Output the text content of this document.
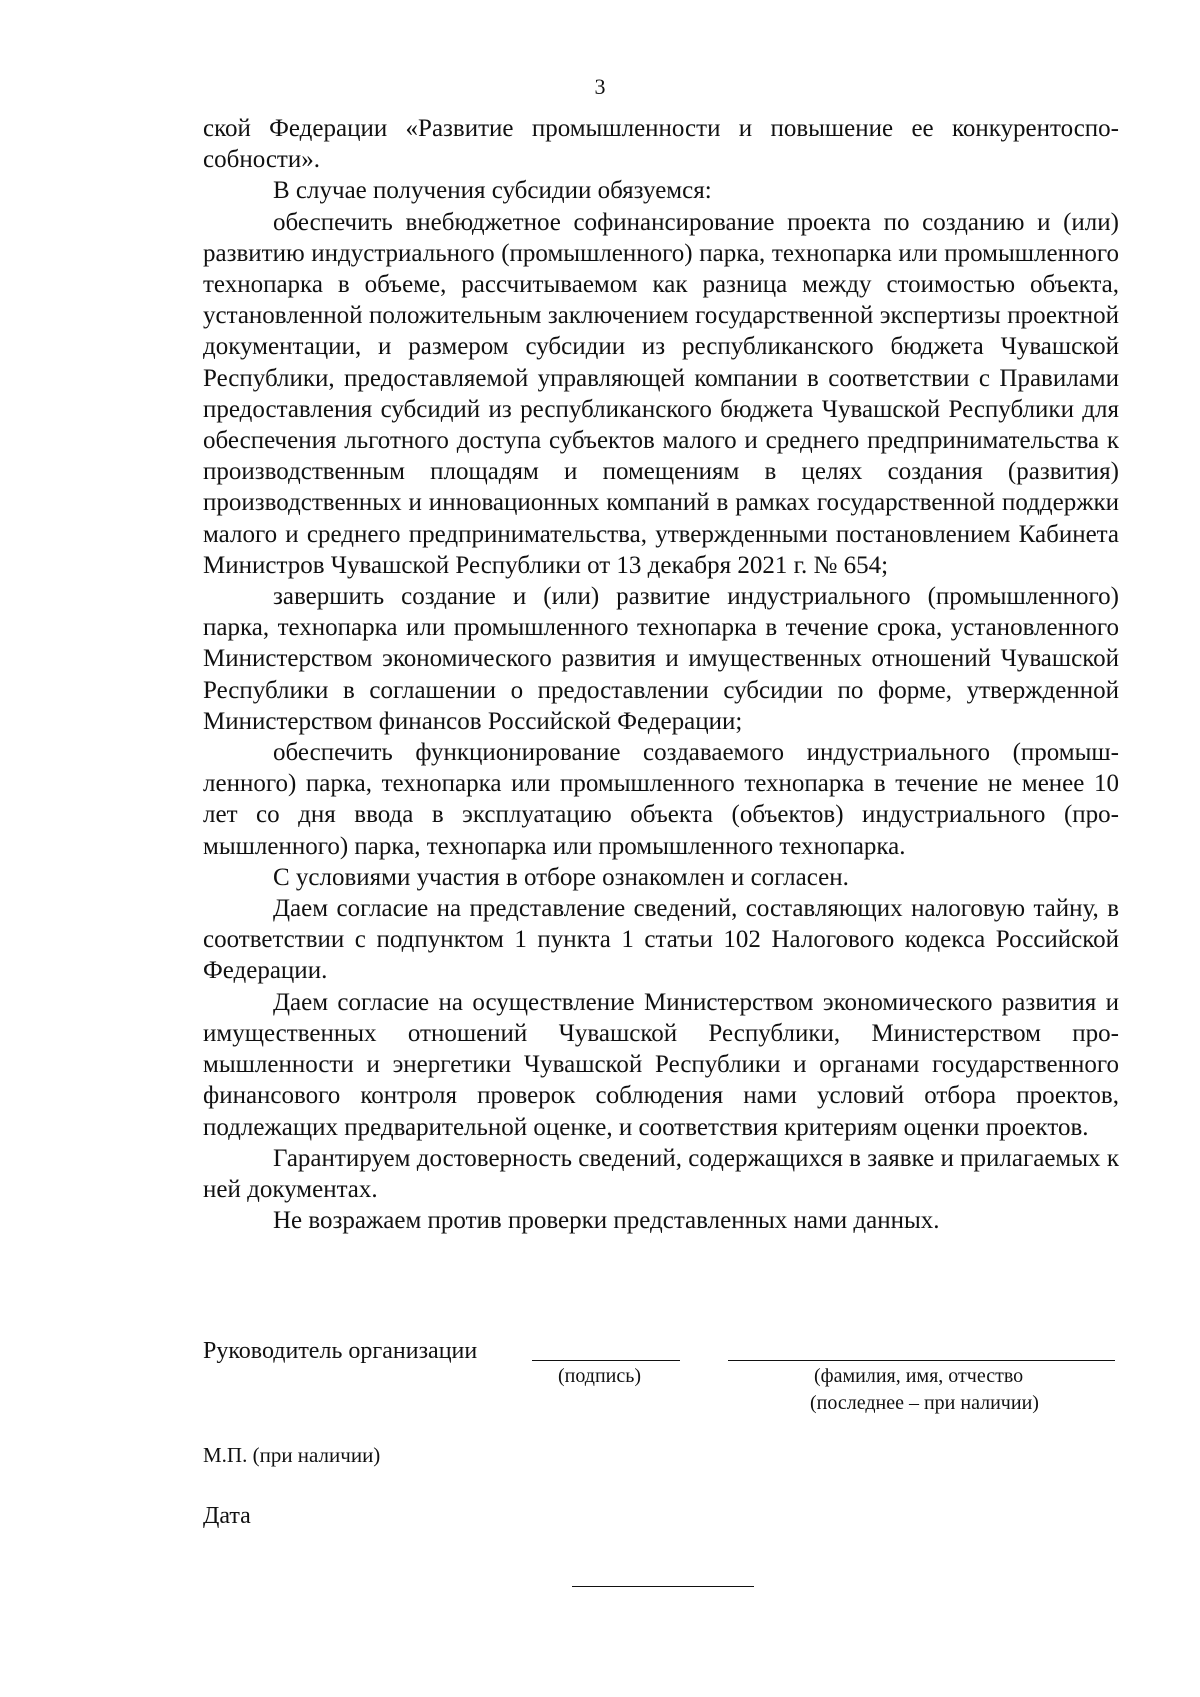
3

ской Федерации «Развитие промышленности и повышение ее конкурентоспособности».

В случае получения субсидии обязуемся:

обеспечить внебюджетное софинансирование проекта по созданию и (или) развитию индустриального (промышленного) парка, технопарка или промышленного технопарка в объеме, рассчитываемом как разница между стоимостью объекта, установленной положительным заключением государственной экспертизы проектной документации, и размером субсидии из республиканского бюджета Чувашской Республики, предоставляемой управляющей компании в соответствии с Правилами предоставления субсидий из республиканского бюджета Чувашской Республики для обеспечения льготного доступа субъектов малого и среднего предпринимательства к производственным площадям и помещениям в целях создания (развития) производственных и инновационных компаний в рамках государственной поддержки малого и среднего предпринимательства, утвержденными постановлением Кабинета Министров Чувашской Республики от 13 декабря 2021 г. № 654;

завершить создание и (или) развитие индустриального (промышленного) парка, технопарка или промышленного технопарка в течение срока, установленного Министерством экономического развития и имущественных отношений Чувашской Республики в соглашении о предоставлении субсидии по форме, утвержденной Министерством финансов Российской Федерации;

обеспечить функционирование создаваемого индустриального (промышленного) парка, технопарка или промышленного технопарка в течение не менее 10 лет со дня ввода в эксплуатацию объекта (объектов) индустриального (промышленного) парка, технопарка или промышленного технопарка.

С условиями участия в отборе ознакомлен и согласен.

Даем согласие на представление сведений, составляющих налоговую тайну, в соответствии с подпунктом 1 пункта 1 статьи 102 Налогового кодекса Российской Федерации.

Даем согласие на осуществление Министерством экономического развития и имущественных отношений Чувашской Республики, Министерством промышленности и энергетики Чувашской Республики и органами государственного финансового контроля проверок соблюдения нами условий отбора проектов, подлежащих предварительной оценке, и соответствия критериям оценки проектов.

Гарантируем достоверность сведений, содержащихся в заявке и прилагаемых к ней документах.

Не возражаем против проверки представленных нами данных.

Руководитель организации
(подпись)	(фамилия, имя, отчество
(последнее – при наличии)
М.П. (при наличии)
Дата
